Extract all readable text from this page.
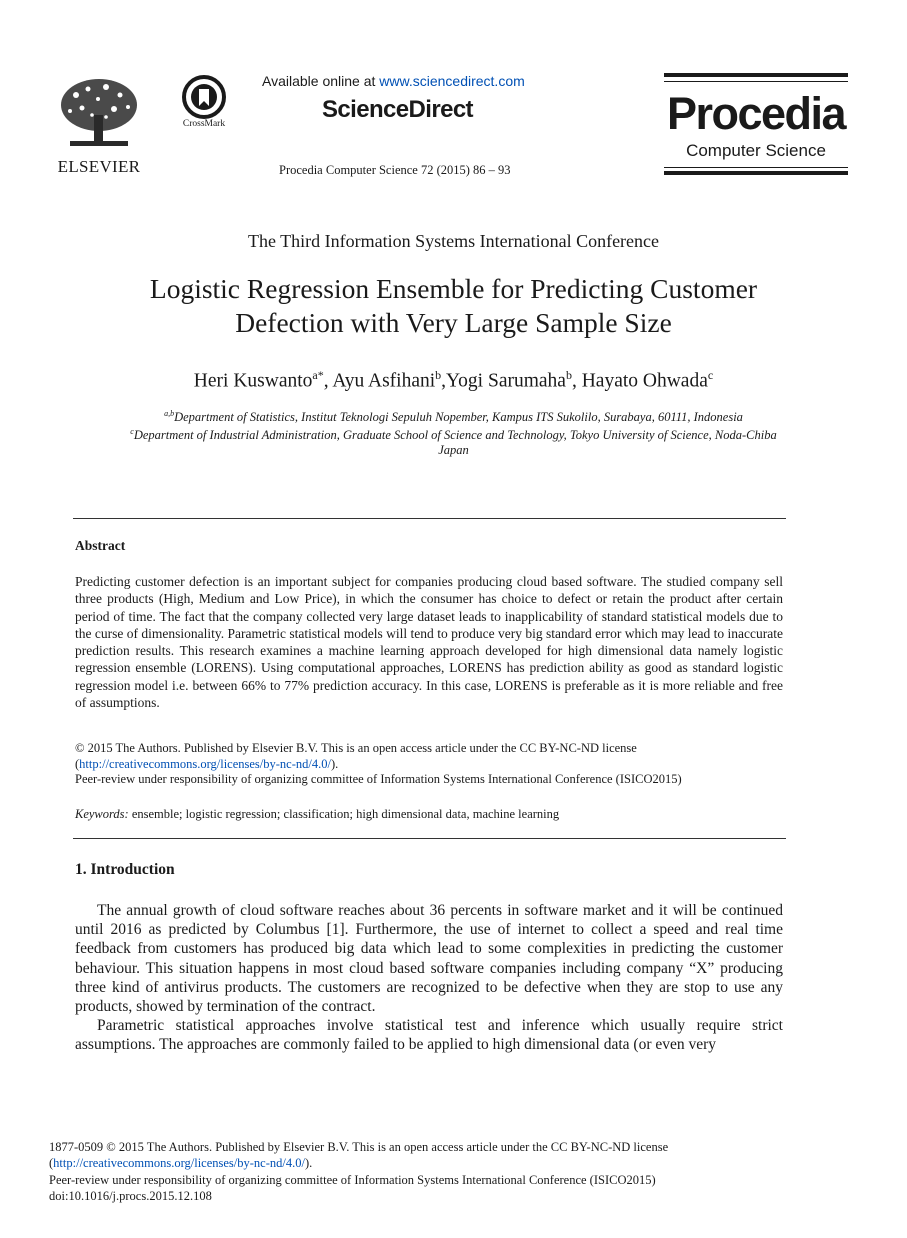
ELSEVIER
CrossMark
Available online at www.sciencedirect.com
ScienceDirect
Procedia Computer Science 72 (2015) 86 – 93
Procedia
Computer Science
The Third Information Systems International Conference
Logistic Regression Ensemble for Predicting Customer
Defection with Very Large Sample Size
Heri Kuswanto$^{a*}$, Ayu Asfihani$^b$,Yogi Sarumaha$^b$, Hayato Ohwada$^c$
$^{a,b}$Department of Statistics, Institut Teknologi Sepuluh Nopember, Kampus ITS Sukolilo, Surabaya, 60111, Indonesia
$^c$Department of Industrial Administration, Graduate School of Science and Technology, Tokyo University of Science, Noda-Chiba
Japan
Abstract
Predicting customer defection is an important subject for companies producing cloud based software. The studied company sell three products (High, Medium and Low Price), in which the consumer has choice to defect or retain the product after certain period of time. The fact that the company collected very large dataset leads to inapplicability of standard statistical models due to the curse of dimensionality. Parametric statistical models will tend to produce very big standard error which may lead to inaccurate prediction results. This research examines a machine learning approach developed for high dimensional data namely logistic regression ensemble (LORENS). Using computational approaches, LORENS has prediction ability as good as standard logistic regression model i.e. between 66% to 77% prediction accuracy. In this case, LORENS is preferable as it is more reliable and free of assumptions.
© 2015 The Authors. Published by Elsevier B.V. This is an open access article under the CC BY-NC-ND license
(http://creativecommons.org/licenses/by-nc-nd/4.0/).
Peer-review under responsibility of organizing committee of Information Systems International Conference (ISICO2015)
Keywords: ensemble; logistic regression; classification; high dimensional data, machine learning
1. Introduction
The annual growth of cloud software reaches about 36 percents in software market and it will be continued until 2016 as predicted by Columbus [1]. Furthermore, the use of internet to collect a speed and real time feedback from customers has produced big data which lead to some complexities in predicting the customer behaviour. This situation happens in most cloud based software companies including company “X” producing three kind of antivirus products. The customers are recognized to be defective when they are stop to use any products, showed by termination of the contract.
Parametric statistical approaches involve statistical test and inference which usually require strict assumptions. The approaches are commonly failed to be applied to high dimensional data (or even very
1877-0509 © 2015 The Authors. Published by Elsevier B.V. This is an open access article under the CC BY-NC-ND license
(http://creativecommons.org/licenses/by-nc-nd/4.0/).
Peer-review under responsibility of organizing committee of Information Systems International Conference (ISICO2015)
doi:10.1016/j.procs.2015.12.108
